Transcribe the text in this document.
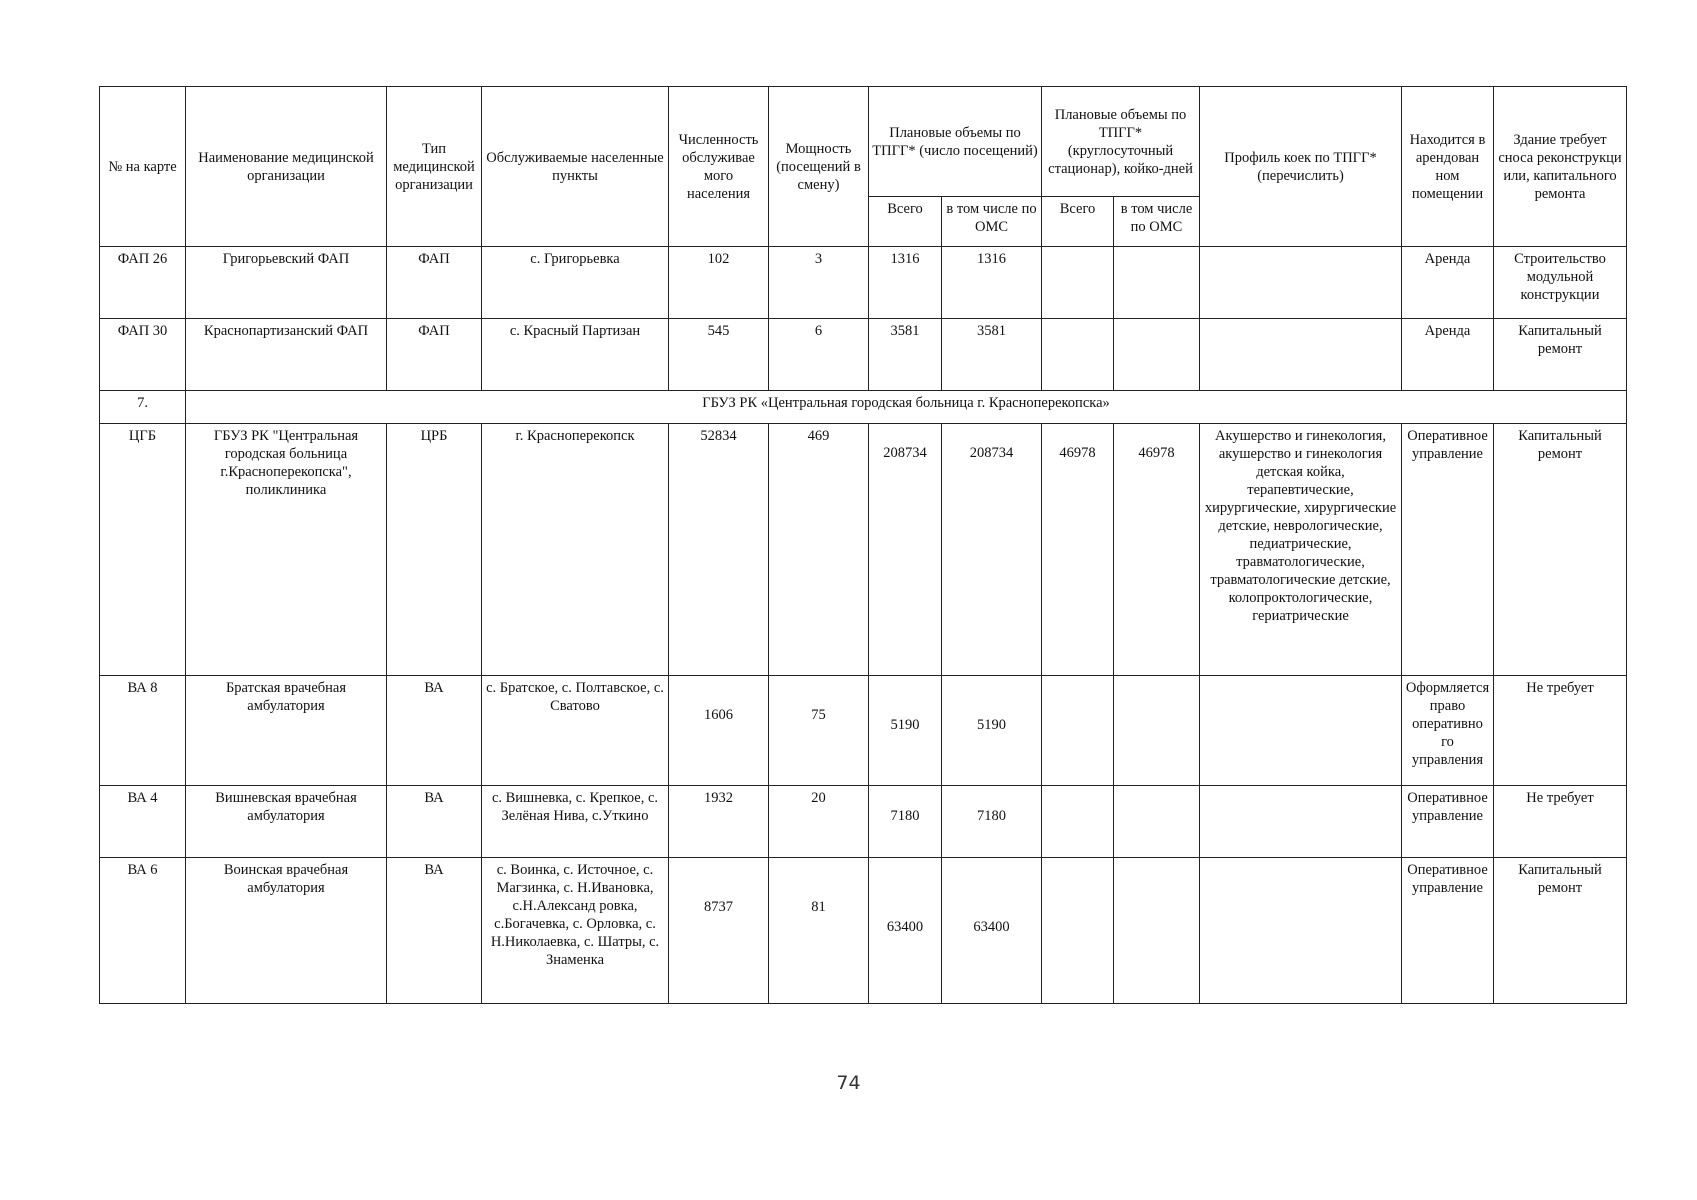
№ на карте	Наименование медицинской организации	Тип медицинской организации	Обслуживаемые населенные пункты	Численность обслуживае мого населения	Мощность (посещений в смену)	Плановые объемы по ТПГГ* (число посещений)		Плановые объемы по ТПГГ* (круглосуточный стационар), койко-дней		Профиль коек по ТПГГ* (перечислить)	Находится в арендован ном помещении	Здание требует сноса реконструкци или, капитального ремонта
						Всего	в том числе по ОМС	Всего	в том числе по ОМС			
ФАП 26	Григорьевский ФАП	ФАП	с. Григорьевка	102	3	1316	1316				Аренда	Строительство модульной конструкции
ФАП 30	Краснопартизанский ФАП	ФАП	с. Красный Партизан	545	6	3581	3581				Аренда	Капитальный ремонт
7.	ГБУЗ РК «Центральная городская больница г. Красноперекопска»											
ЦГБ	ГБУЗ РК "Центральная городская больница г.Красноперекопска", поликлиника	ЦРБ	г. Красноперекопск	52834	469	208734	208734	46978	46978	Акушерство и гинекология, акушерство и гинекология детская койка, терапевтические, хирургические, хирургические детские, неврологические, педиатрические, травматологические, травматологические детские, колопроктологические, гериатрические	Оперативное управление	Капитальный ремонт
ВА 8	Братская врачебная амбулатория	ВА	с. Братское, с. Полтавское, с. Сватово	1606	75	5190	5190				Оформляется право оперативно го управления	Не требует
ВА 4	Вишневская врачебная амбулатория	ВА	с. Вишневка, с. Крепкое, с. Зелёная Нива, с.Уткино	1932	20	7180	7180				Оперативное управление	Не требует
ВА 6	Воинская врачебная амбулатория	ВА	с. Воинка, с. Источное, с. Магзинка, с. Н.Ивановка, с.Н.Александ ровка, с.Богачевка, с. Орловка, с. Н.Николаевка, с. Шатры, с. Знаменка	8737	81	63400	63400				Оперативное управление	Капитальный ремонт
74
